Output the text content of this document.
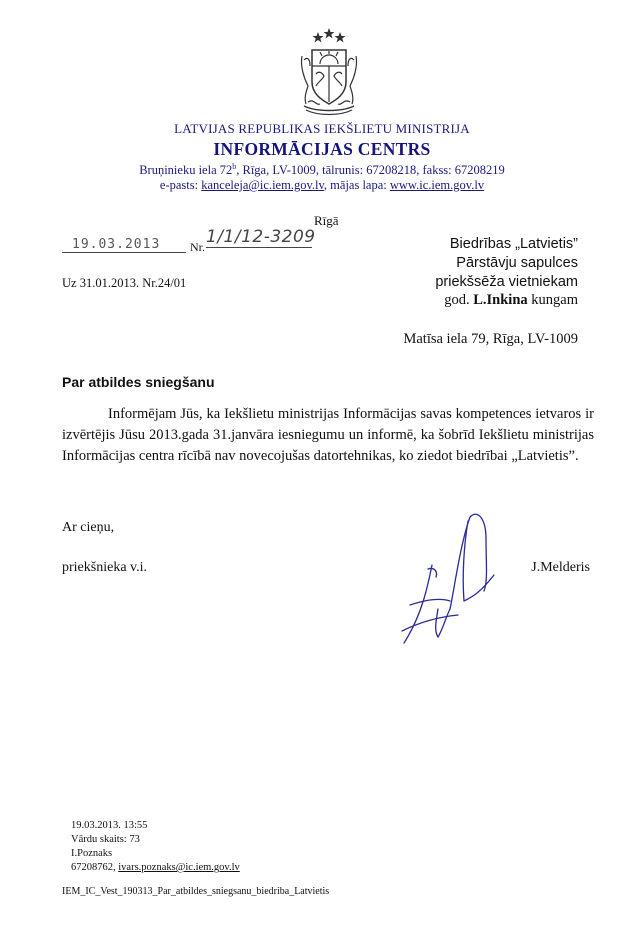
LATVIJAS REPUBLIKAS IEKŠLIETU MINISTRIJA
INFORMĀCIJAS CENTRS
Bruņinieku iela 72$^b$, Rīga, LV-1009, tālrunis: 67208218, fakss: 67208219
e-pasts: kanceleja@ic.iem.gov.lv, mājas lapa: www.ic.iem.gov.lv
Rīgā
19.03.2013	Nr. 1/1/12-3209
Uz 31.01.2013. Nr.24/01
Biedrības „Latvietis”
Pārstāvju sapulces
priekšsēža vietniekam
god. L.Inkina kungam
Matīsa iela 79, Rīga, LV-1009
Par atbildes sniegšanu
Informējam Jūs, ka Iekšlietu ministrijas Informācijas savas kompetences ietvaros ir izvērtējis Jūsu 2013.gada 31.janvāra iesniegumu un informē, ka šobrīd Iekšlietu ministrijas Informācijas centra rīcībā nav novecojušas datortehnikas, ko ziedot biedrībai „Latvietis”.
Ar cieņu,
priekšnieka v.i.	J.Melderis
19.03.2013. 13:55
Vārdu skaits: 73
I.Poznaks
67208762, ivars.poznaks@ic.iem.gov.lv
IEM_IC_Vest_190313_Par_atbildes_sniegsanu_biedriba_Latvietis
